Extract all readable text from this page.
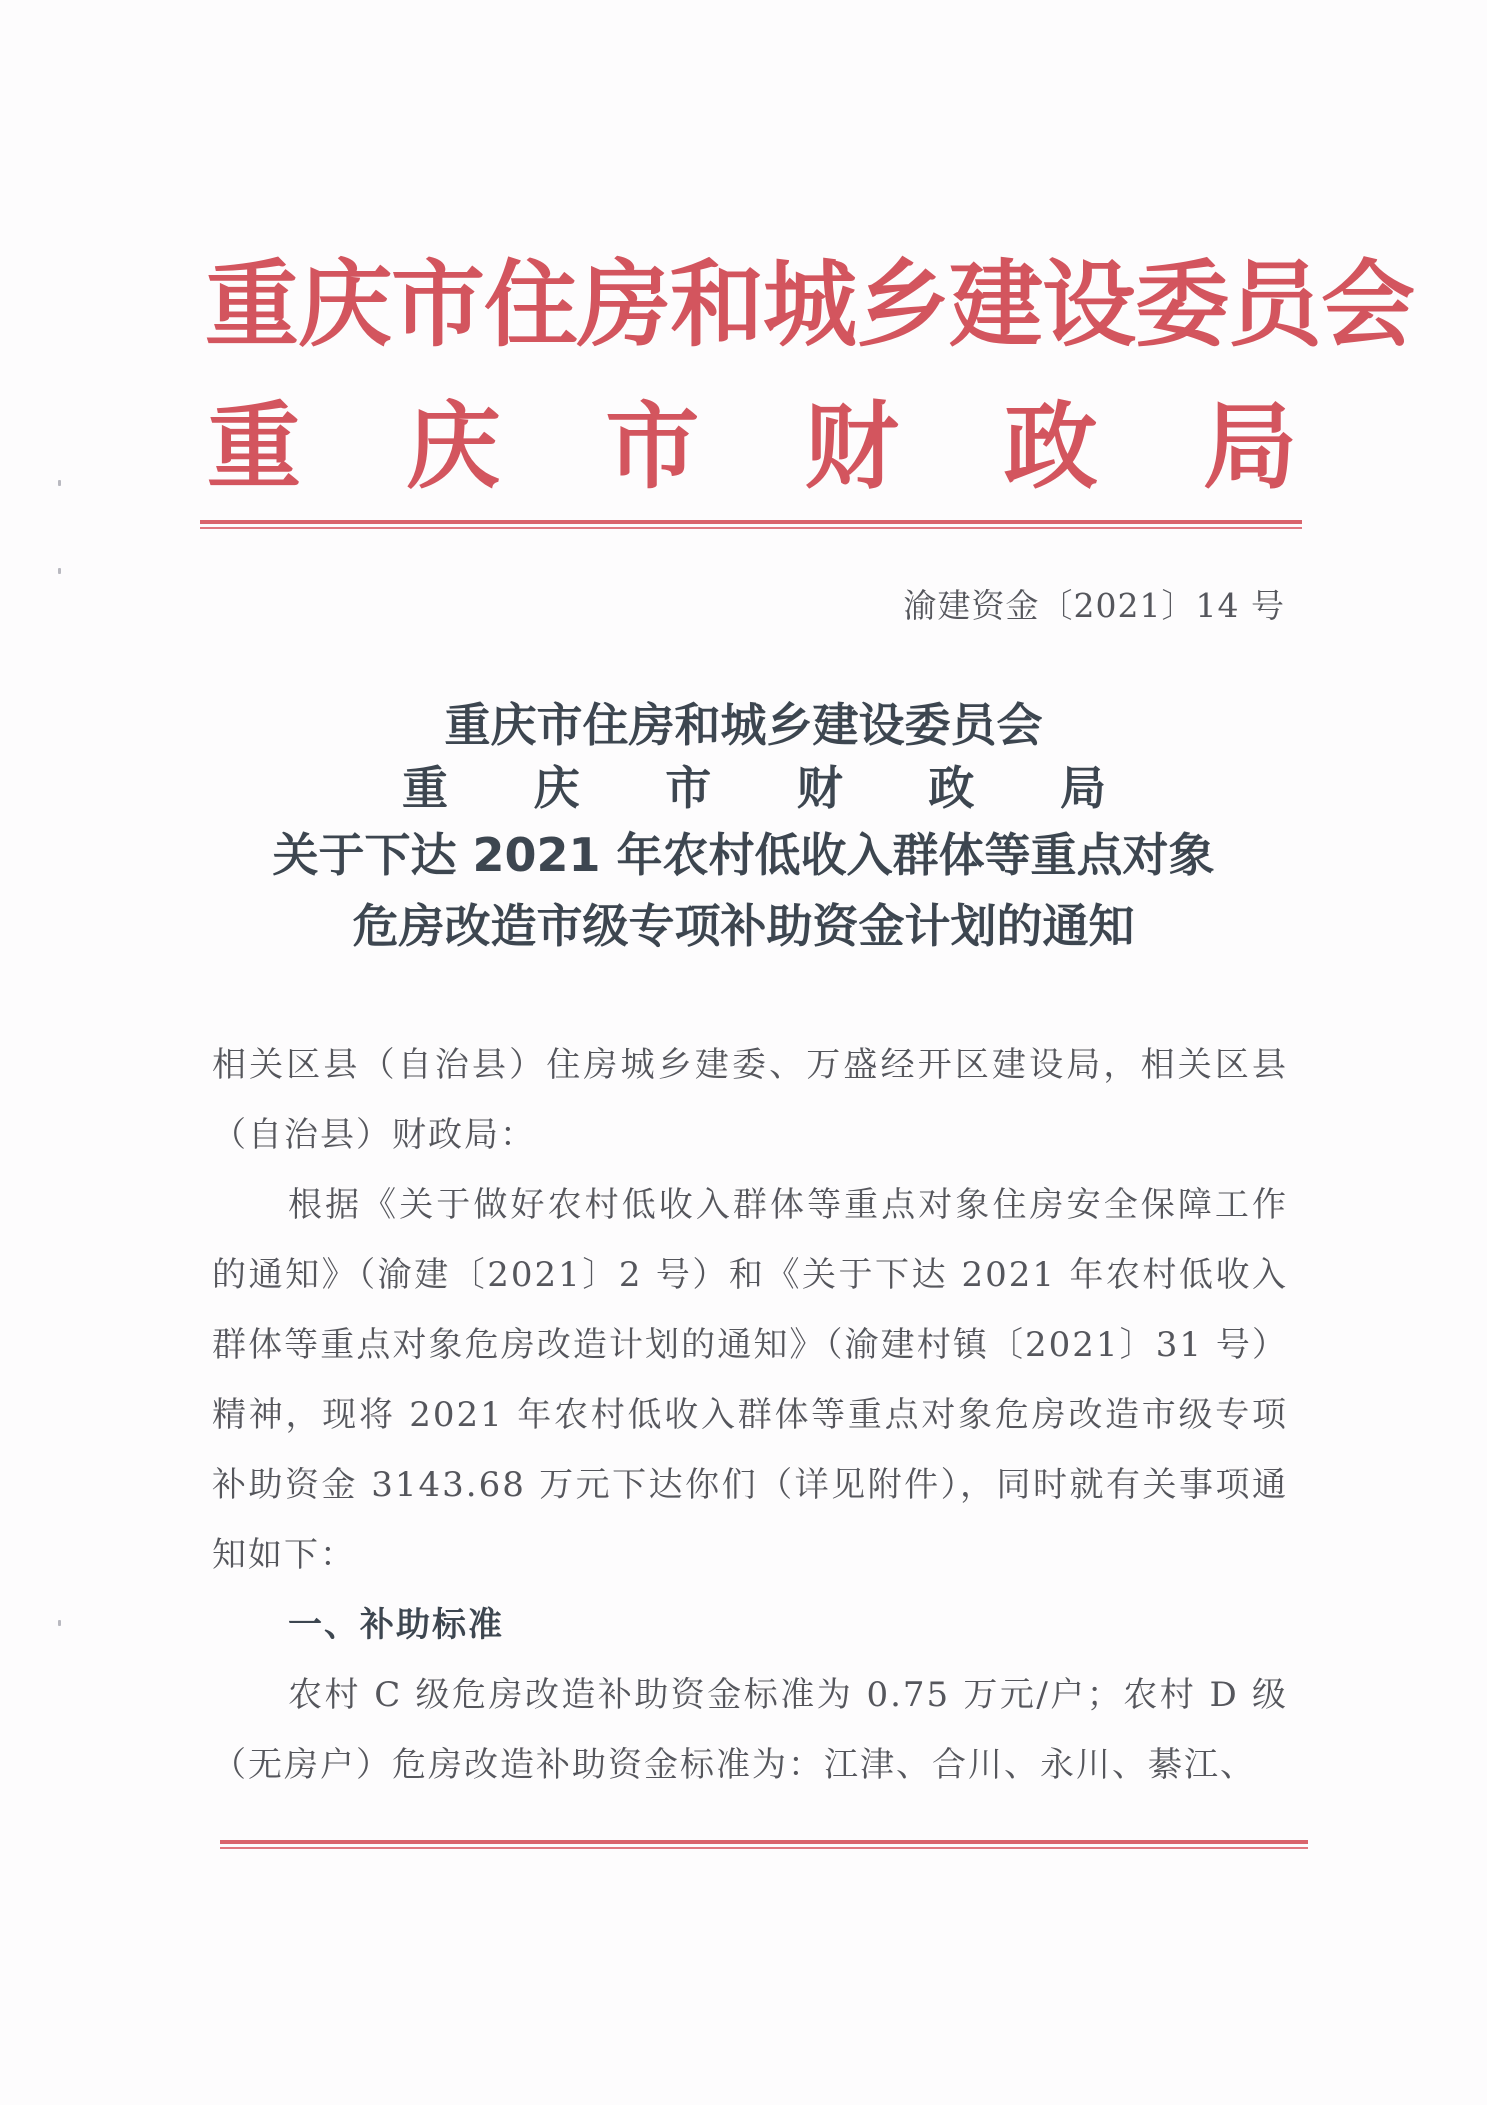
重庆市住房和城乡建设委员会
重 庆 市 财 政 局
渝建资金〔2021〕14 号
重庆市住房和城乡建设委员会
重 庆 市 财 政 局
关于下达 2021 年农村低收入群体等重点对象
危房改造市级专项补助资金计划的通知
相关区县（自治县）住房城乡建委、万盛经开区建设局，相关区县（自治县）财政局：
根据《关于做好农村低收入群体等重点对象住房安全保障工作的通知》（渝建〔2021〕2 号）和《关于下达 2021 年农村低收入群体等重点对象危房改造计划的通知》（渝建村镇〔2021〕31 号）精神，现将 2021 年农村低收入群体等重点对象危房改造市级专项补助资金 3143.68 万元下达你们（详见附件），同时就有关事项通知如下：
一、补助标准
农村 C 级危房改造补助资金标准为 0.75 万元/户；农村 D 级（无房户）危房改造补助资金标准为：江津、合川、永川、綦江、
